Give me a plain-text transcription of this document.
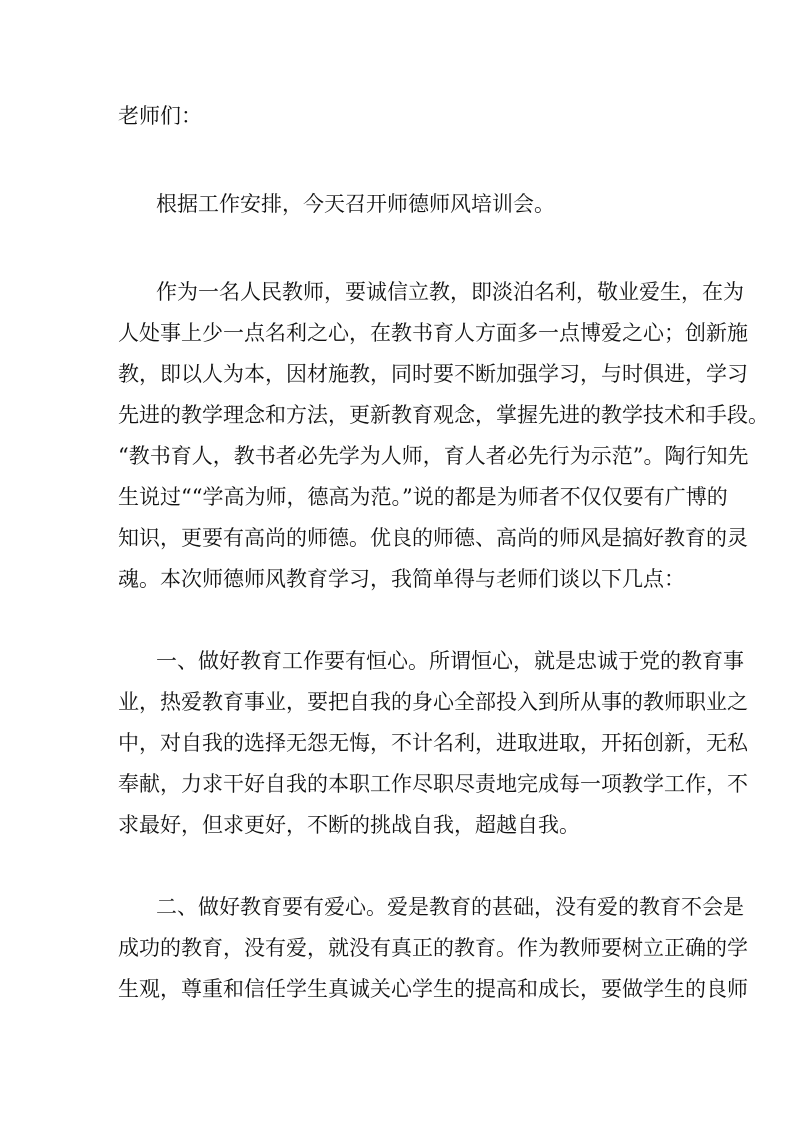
老师们：
根据工作安排，今天召开师德师风培训会。
作为一名人民教师，要诚信立教，即淡泊名利，敬业爱生，在为
人处事上少一点名利之心，在教书育人方面多一点博爱之心；创新施
教，即以人为本，因材施教，同时要不断加强学习，与时俱进，学习
先进的教学理念和方法，更新教育观念，掌握先进的教学技术和手段。
“教书育人，教书者必先学为人师，育人者必先行为示范”。陶行知先
生说过““学高为师，德高为范。”说的都是为师者不仅仅要有广博的
知识，更要有高尚的师德。优良的师德、高尚的师风是搞好教育的灵
魂。本次师德师风教育学习，我简单得与老师们谈以下几点：
一、做好教育工作要有恒心。所谓恒心，就是忠诚于党的教育事
业，热爱教育事业，要把自我的身心全部投入到所从事的教师职业之
中，对自我的选择无怨无悔，不计名利，进取进取，开拓创新，无私
奉献，力求干好自我的本职工作尽职尽责地完成每一项教学工作，不
求最好，但求更好，不断的挑战自我，超越自我。
二、做好教育要有爱心。爱是教育的甚础，没有爱的教育不会是
成功的教育，没有爱，就没有真正的教育。作为教师要树立正确的学
生观，尊重和信任学生真诚关心学生的提高和成长，要做学生的良师
